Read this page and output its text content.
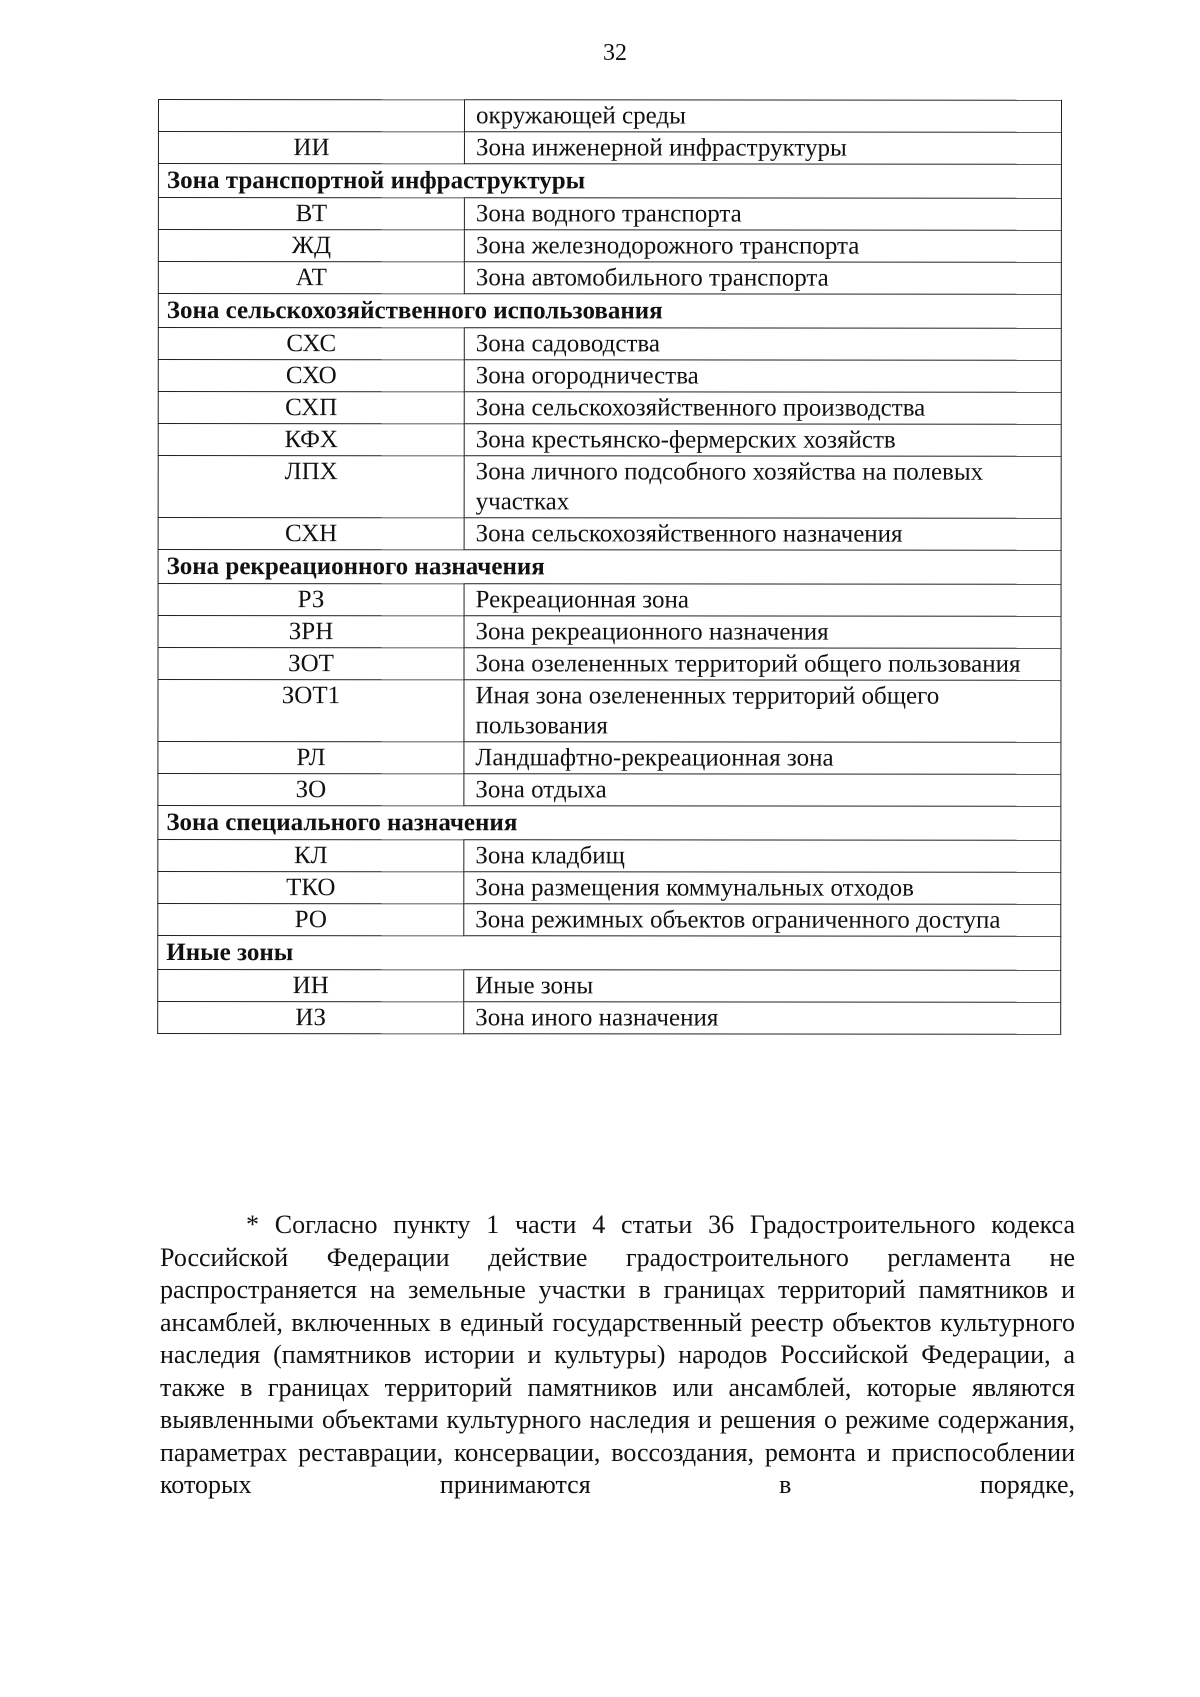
32
	окружающей среды
ИИ	Зона инженерной инфраструктуры
Зона транспортной инфраструктуры	
ВТ	Зона водного транспорта
ЖД	Зона железнодорожного транспорта
АТ	Зона автомобильного транспорта
Зона сельскохозяйственного использования	
СХС	Зона садоводства
СХО	Зона огородничества
СХП	Зона сельскохозяйственного производства
КФХ	Зона крестьянско-фермерских хозяйств
ЛПХ	Зона личного подсобного хозяйства на полевых участках
СХН	Зона сельскохозяйственного назначения
Зона рекреационного назначения	
РЗ	Рекреационная зона
ЗРН	Зона рекреационного назначения
ЗОТ	Зона озелененных территорий общего пользования
ЗОТ1	Иная зона озелененных территорий общего пользования
РЛ	Ландшафтно-рекреационная зона
ЗО	Зона отдыха
Зона специального назначения	
КЛ	Зона кладбищ
ТКО	Зона размещения коммунальных отходов
РО	Зона режимных объектов ограниченного доступа
Иные зоны	
ИН	Иные зоны
ИЗ	Зона иного назначения

* Согласно пункту 1 части 4 статьи 36 Градостроительного кодекса Российской Федерации действие градостроительного регламента не распространяется на земельные участки в границах территорий памятников и ансамблей, включенных в единый государственный реестр объектов культурного наследия (памятников истории и культуры) народов Российской Федерации, а также в границах территорий памятников или ансамблей, которые являются выявленными объектами культурного наследия и решения о режиме содержания, параметрах реставрации, консервации, воссоздания, ремонта и приспособлении которых принимаются в порядке,
